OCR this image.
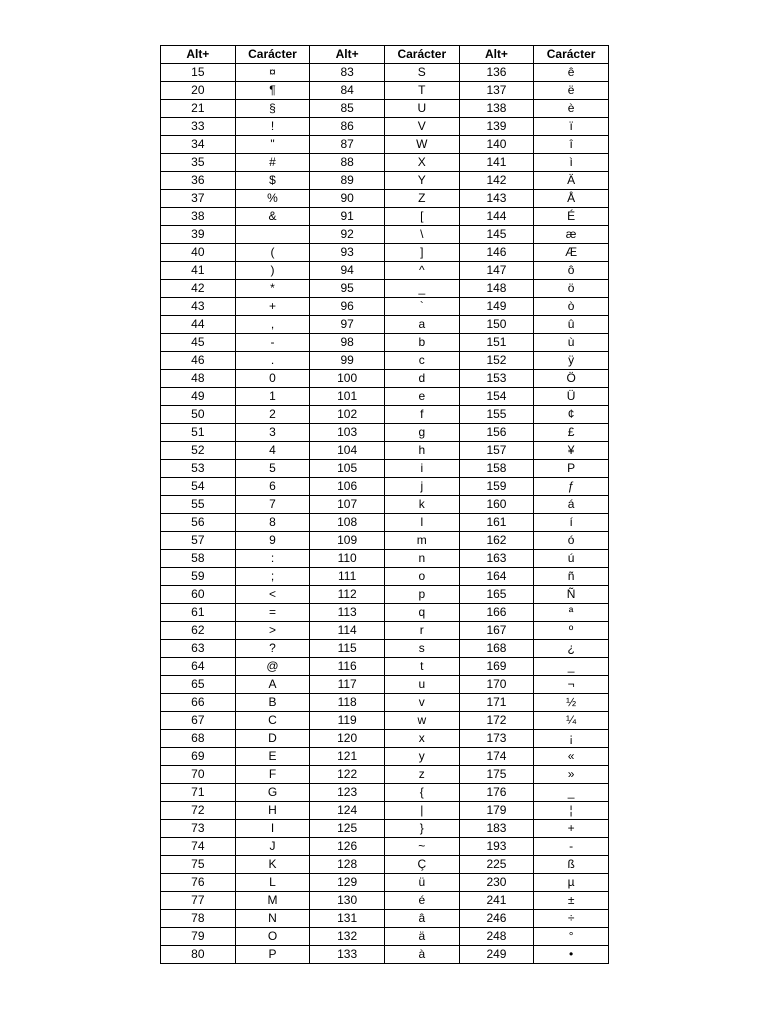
Alt+	Carácter	Alt+	Carácter	Alt+	Carácter
15	¤	83	S	136	ê
20	¶	84	T	137	ë
21	§	85	U	138	è
33	!	86	V	139	ï
34	"	87	W	140	î
35	#	88	X	141	ì
36	$	89	Y	142	Ä
37	%	90	Z	143	Å
38	&	91	[	144	É
39		92	\	145	æ
40	(	93	]	146	Æ
41	)	94	^	147	ô
42	*	95	_	148	ö
43	+	96	`	149	ò
44	,	97	a	150	û
45	-	98	b	151	ù
46	.	99	c	152	ÿ
48	0	100	d	153	Ö
49	1	101	e	154	Ü
50	2	102	f	155	¢
51	3	103	g	156	£
52	4	104	h	157	¥
53	5	105	i	158	P
54	6	106	j	159	ƒ
55	7	107	k	160	á
56	8	108	l	161	í
57	9	109	m	162	ó
58	:	110	n	163	ú
59	;	111	o	164	ñ
60	<	112	p	165	Ñ
61	=	113	q	166	ª
62	>	114	r	167	º
63	?	115	s	168	¿
64	@	116	t	169	_
65	A	117	u	170	¬
66	B	118	v	171	½
67	C	119	w	172	¼
68	D	120	x	173	¡
69	E	121	y	174	«
70	F	122	z	175	»
71	G	123	{	176	_
72	H	124	|	179	¦
73	I	125	}	183	+
74	J	126	~	193	-
75	K	128	Ç	225	ß
76	L	129	ü	230	µ
77	M	130	é	241	±
78	N	131	â	246	÷
79	O	132	ä	248	°
80	P	133	à	249	•
